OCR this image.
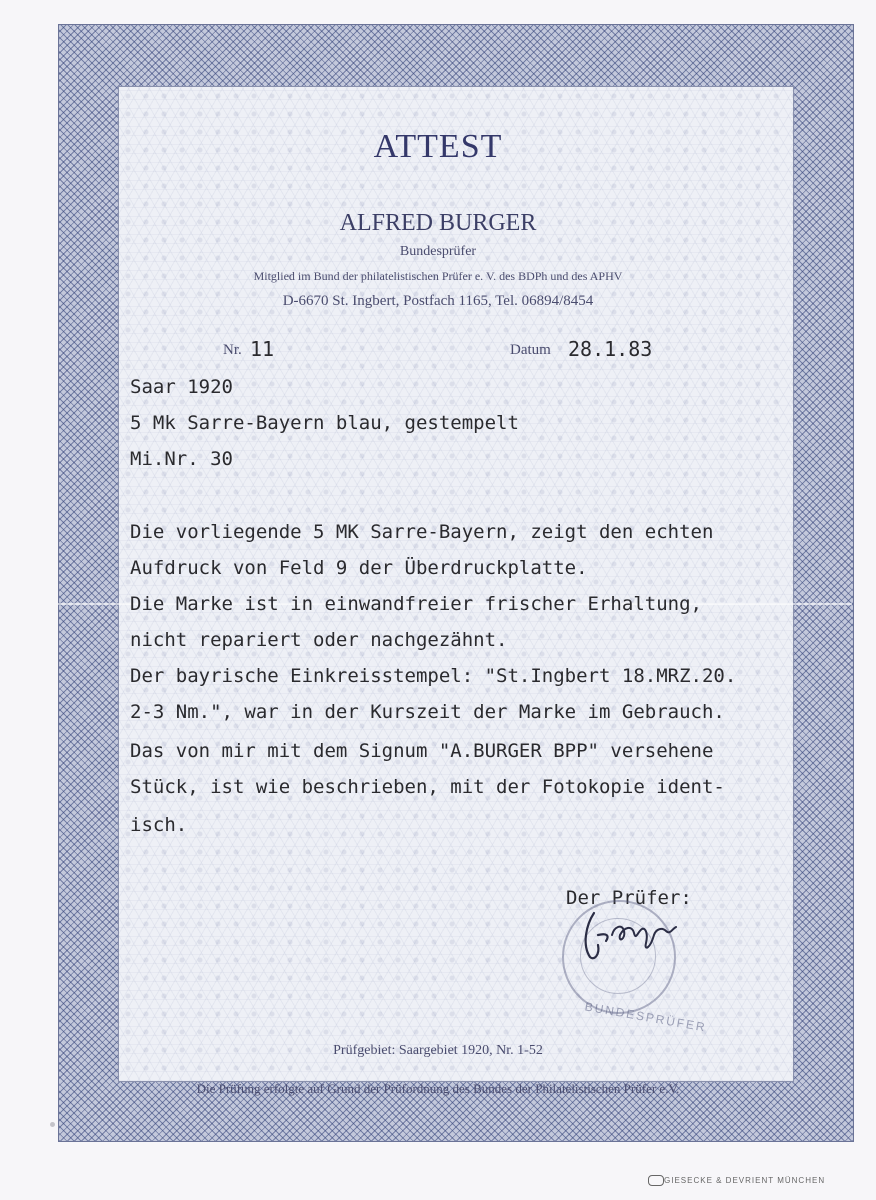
ATTEST
ALFRED BURGER
Bundesprüfer
Mitglied im Bund der philatelistischen Prüfer e. V. des BDPh und des APHV
D-6670 St. Ingbert, Postfach 1165, Tel. 06894/8454
Nr. 11	Datum 28.1.83
Saar 1920
5 Mk Sarre-Bayern blau, gestempelt
Mi.Nr. 30
Die vorliegende 5 MK Sarre-Bayern, zeigt den echten
Aufdruck von Feld 9 der Überdruckplatte.
Die Marke ist in einwandfreier frischer Erhaltung,
nicht repariert oder nachgezähnt.
Der bayrische Einkreisstempel: "St.Ingbert 18.MRZ.20.
2-3 Nm.", war in der Kurszeit der Marke im Gebrauch.
Das von mir mit dem Signum "A.BURGER BPP" versehene
Stück, ist wie beschrieben, mit der Fotokopie ident-
isch.
Der Prüfer:
BUNDESPRÜFER
Prüfgebiet: Saargebiet 1920, Nr. 1-52
Die Prüfung erfolgte auf Grund der Prüfordnung des Bundes der Philatelistischen Prüfer e.V.
GIESECKE & DEVRIENT MÜNCHEN
